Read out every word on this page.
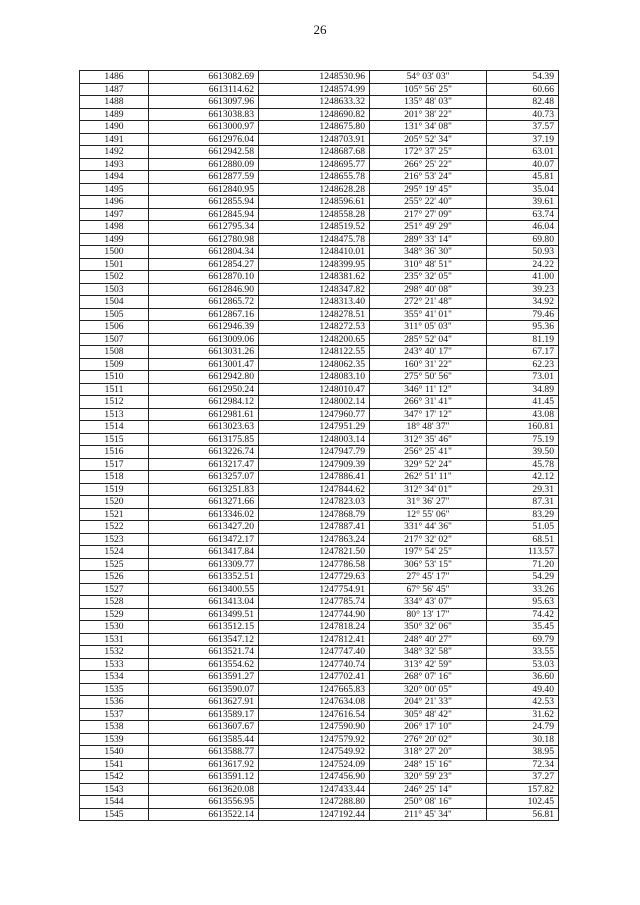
26
1486	6613082.69	1248530.96	54° 03' 03"	54.39
1487	6613114.62	1248574.99	105° 56' 25"	60.66
1488	6613097.96	1248633.32	135° 48' 03"	82.48
1489	6613038.83	1248690.82	201° 38' 22"	40.73
1490	6613000.97	1248675.80	131° 34' 08"	37.57
1491	6612976.04	1248703.91	205° 52' 34"	37.19
1492	6612942.58	1248687.68	172° 37' 25"	63.01
1493	6612880.09	1248695.77	266° 25' 22"	40.07
1494	6612877.59	1248655.78	216° 53' 24"	45.81
1495	6612840.95	1248628.28	295° 19' 45"	35.04
1496	6612855.94	1248596.61	255° 22' 40"	39.61
1497	6612845.94	1248558.28	217° 27' 09"	63.74
1498	6612795.34	1248519.52	251° 49' 29"	46.04
1499	6612780.98	1248475.78	289° 33' 14"	69.80
1500	6612804.34	1248410.01	348° 36' 30"	50.93
1501	6612854.27	1248399.95	310° 48' 51"	24.22
1502	6612870.10	1248381.62	235° 32' 05"	41.00
1503	6612846.90	1248347.82	298° 40' 08"	39.23
1504	6612865.72	1248313.40	272° 21' 48"	34.92
1505	6612867.16	1248278.51	355° 41' 01"	79.46
1506	6612946.39	1248272.53	311° 05' 03"	95.36
1507	6613009.06	1248200.65	285° 52' 04"	81.19
1508	6613031.26	1248122.55	243° 40' 17"	67.17
1509	6613001.47	1248062.35	160° 31' 22"	62.23
1510	6612942.80	1248083.10	275° 50' 56"	73.01
1511	6612950.24	1248010.47	346° 11' 12"	34.89
1512	6612984.12	1248002.14	266° 31' 41"	41.45
1513	6612981.61	1247960.77	347° 17' 12"	43.08
1514	6613023.63	1247951.29	18° 48' 37"	160.81
1515	6613175.85	1248003.14	312° 35' 46"	75.19
1516	6613226.74	1247947.79	256° 25' 41"	39.50
1517	6613217.47	1247909.39	329° 52' 24"	45.78
1518	6613257.07	1247886.41	262° 51' 11"	42.12
1519	6613251.83	1247844.62	312° 34' 01"	29.31
1520	6613271.66	1247823.03	31° 36' 27"	87.31
1521	6613346.02	1247868.79	12° 55' 06"	83.29
1522	6613427.20	1247887.41	331° 44' 36"	51.05
1523	6613472.17	1247863.24	217° 32' 02"	68.51
1524	6613417.84	1247821.50	197° 54' 25"	113.57
1525	6613309.77	1247786.58	306° 53' 15"	71.20
1526	6613352.51	1247729.63	27° 45' 17"	54.29
1527	6613400.55	1247754.91	67° 56' 45"	33.26
1528	6613413.04	1247785.74	334° 43' 07"	95.63
1529	6613499.51	1247744.90	80° 13' 17"	74.42
1530	6613512.15	1247818.24	350° 32' 06"	35.45
1531	6613547.12	1247812.41	248° 40' 27"	69.79
1532	6613521.74	1247747.40	348° 32' 58"	33.55
1533	6613554.62	1247740.74	313° 42' 59"	53.03
1534	6613591.27	1247702.41	268° 07' 16"	36.60
1535	6613590.07	1247665.83	320° 00' 05"	49.40
1536	6613627.91	1247634.08	204° 21' 33"	42.53
1537	6613589.17	1247616.54	305° 48' 42"	31.62
1538	6613607.67	1247590.90	206° 17' 10"	24.79
1539	6613585.44	1247579.92	276° 20' 02"	30.18
1540	6613588.77	1247549.92	318° 27' 20"	38.95
1541	6613617.92	1247524.09	248° 15' 16"	72.34
1542	6613591.12	1247456.90	320° 59' 23"	37.27
1543	6613620.08	1247433.44	246° 25' 14"	157.82
1544	6613556.95	1247288.80	250° 08' 16"	102.45
1545	6613522.14	1247192.44	211° 45' 34"	56.81
